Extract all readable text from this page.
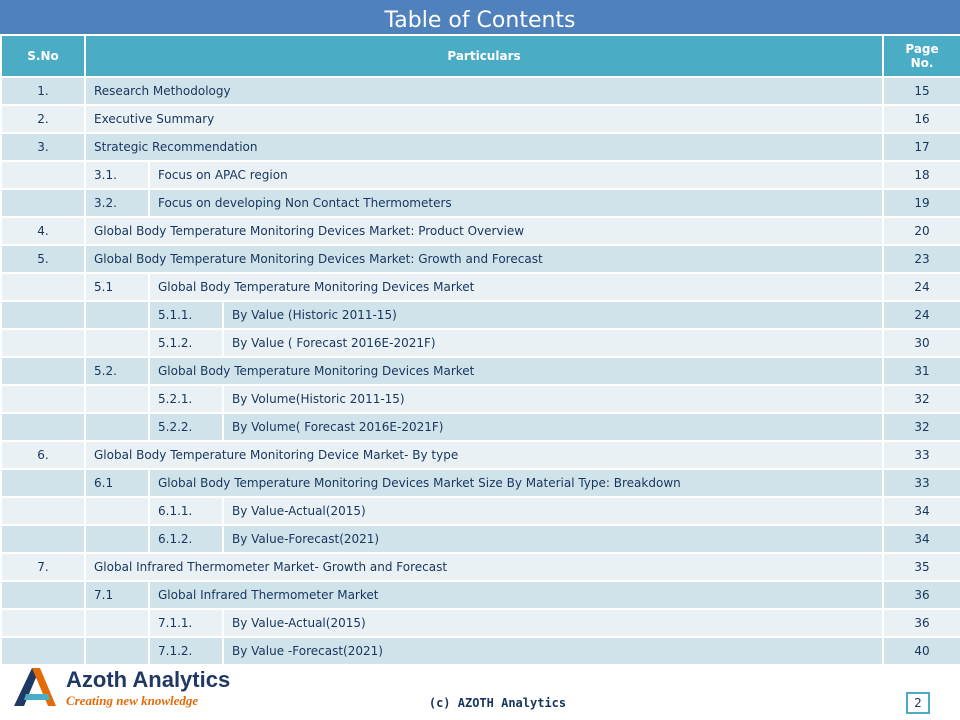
Table of Contents
S.No	Particulars			Page No.
1.	Research Methodology			15
2.	Executive Summary			16
3.	Strategic Recommendation			17
	3.1.	Focus on APAC region		18
	3.2.	Focus on developing Non Contact Thermometers		19
4.	Global Body Temperature Monitoring Devices Market: Product Overview			20
5.	Global Body Temperature Monitoring Devices Market: Growth and Forecast			23
	5.1	Global Body Temperature Monitoring Devices Market		24
		5.1.1.	By Value (Historic 2011-15)	24
		5.1.2.	By Value ( Forecast 2016E-2021F)	30
	5.2.	Global Body Temperature Monitoring Devices Market		31
		5.2.1.	By Volume(Historic 2011-15)	32
		5.2.2.	By Volume( Forecast 2016E-2021F)	32
6.	Global Body Temperature Monitoring Device Market- By type			33
	6.1	Global Body Temperature Monitoring Devices Market Size By Material Type: Breakdown		33
		6.1.1.	By Value-Actual(2015)	34
		6.1.2.	By Value-Forecast(2021)	34
7.	Global Infrared Thermometer Market- Growth and Forecast			35
	7.1	Global Infrared Thermometer Market		36
		7.1.1.	By Value-Actual(2015)	36
		7.1.2.	By Value -Forecast(2021)	40
Azoth Analytics
Creating new knowledge	(c) AZOTH Analytics	2
